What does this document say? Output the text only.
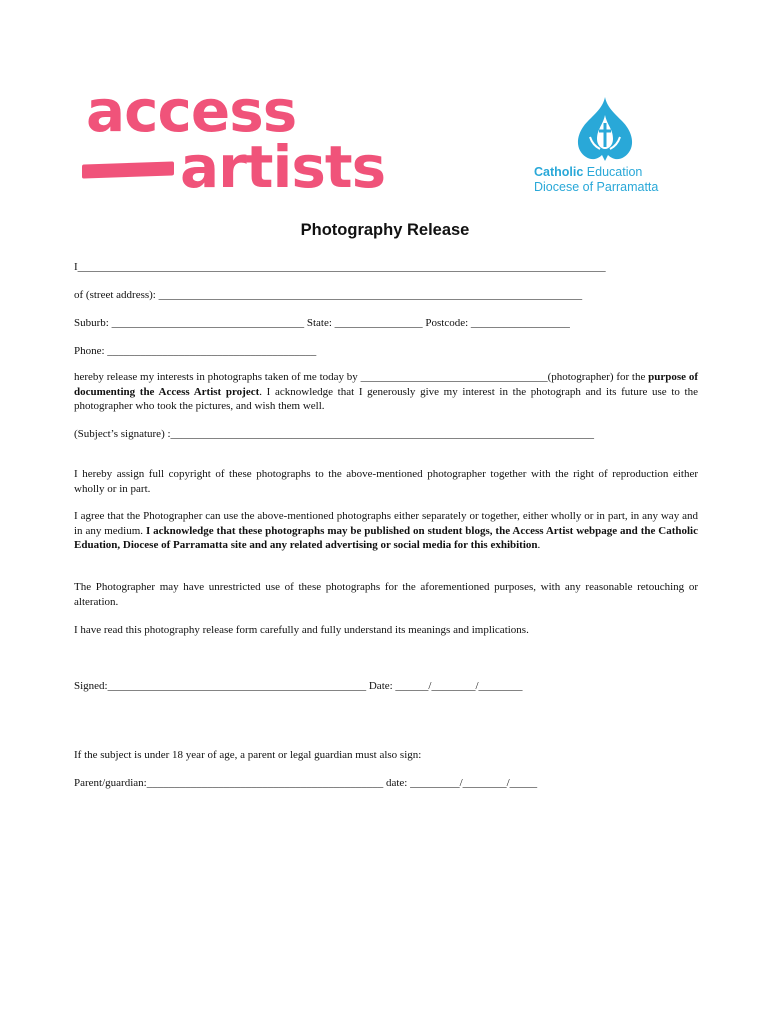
access
artists	Catholic Education
Diocese of Parramatta
Photography Release
I________________________________________________________________________________________________
of (street address): _____________________________________________________________________________
Suburb: ___________________________________ State: ________________ Postcode: __________________
Phone: ______________________________________
hereby release my interests in photographs taken of me today by __________________________________(photographer) for the purpose of documenting the Access Artist project. I acknowledge that I generously give my interest in the photograph and its future use to the photographer who took the pictures, and wish them well.
(Subject’s signature) :_____________________________________________________________________________
I hereby assign full copyright of these photographs to the above-mentioned photographer together with the right of reproduction either wholly or in part.
I agree that the Photographer can use the above-mentioned photographs either separately or together, either wholly or in part, in any way and in any medium. I acknowledge that these photographs may be published on student blogs, the Access Artist webpage and the Catholic Eduation, Diocese of Parramatta site and any related advertising or social media for this exhibition.
The Photographer may have unrestricted use of these photographs for the aforementioned purposes, with any reasonable retouching or alteration.
I have read this photography release form carefully and fully understand its meanings and implications.
Signed:_______________________________________________ Date: ______/________/________
If the subject is under 18 year of age, a parent or legal guardian must also sign:
Parent/guardian:___________________________________________ date: _________/________/_____
